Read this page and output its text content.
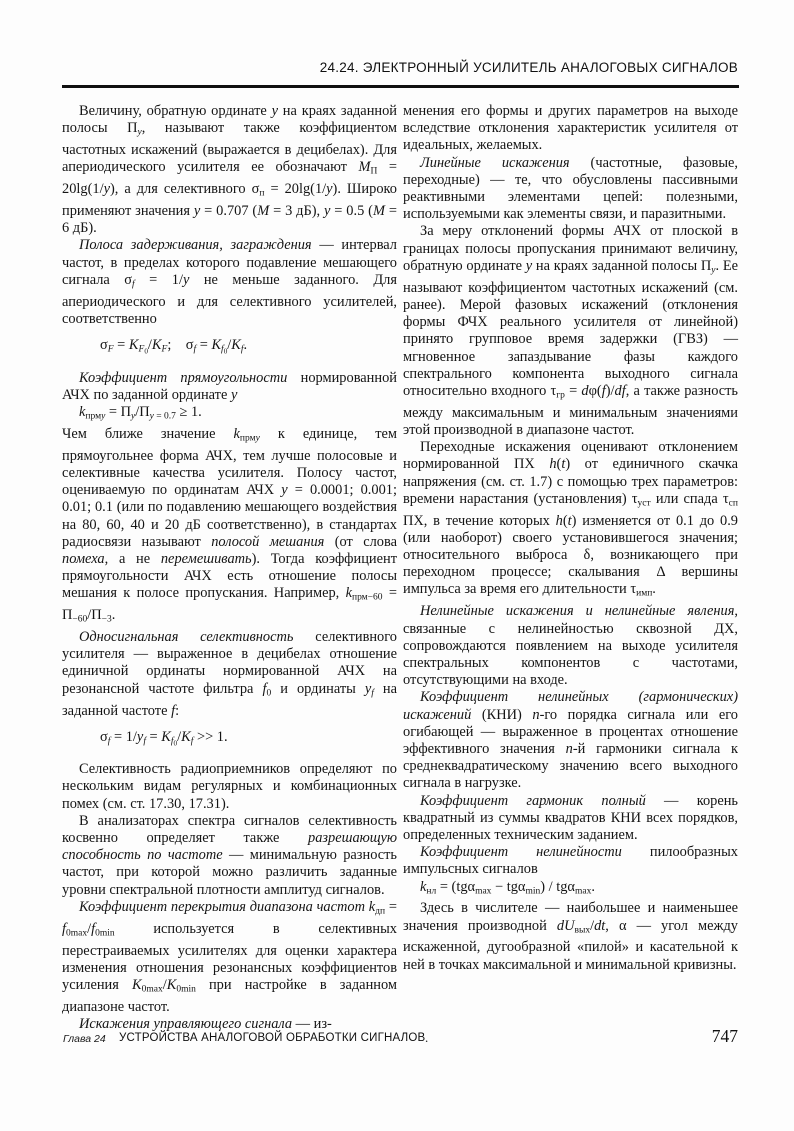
24.24. ЭЛЕКТРОННЫЙ УСИЛИТЕЛЬ АНАЛОГОВЫХ СИГНАЛОВ

Величину, обратную ординате y на краях заданной полосы Пy, называют также коэффициентом частотных искажений (выражается в децибелах). Для апериодического усилителя ее обозначают MП = 20lg(1/y), а для селективного σп = 20lg(1/y). Широко применяют значения y = 0.707 (M = 3 дБ), y = 0.5 (M = 6 дБ).

Полоса задерживания, заграждения — интервал частот, в пределах которого подавление мешающего сигнала σf = 1/y не меньше заданного. Для апериодического и для селективного усилителей, соответственно

$\sigma F = KF_0/KF$; $\sigma f = Kf_0/Kf$.

Коэффициент прямоугольности нормированной АЧХ по заданной ординате y

kпрмy = Пy/Пy = 0.7 ≥ 1.

Чем ближе значение kпрмy к единице, тем прямоугольнее форма АЧХ, тем лучше полосовые и селективные качества усилителя. Полосу частот, оцениваемую по ординатам АЧХ y = 0.0001; 0.001; 0.01; 0.1 (или по подавлению мешающего воздействия на 80, 60, 40 и 20 дБ соответственно), в стандартах радиосвязи называют полосой мешания (от слова помеха, а не перемешивать). Тогда коэффициент прямоугольности АЧХ есть отношение полосы мешания к полосе пропускания. Например, kпрм−60 = П−60/П−3.

Односигнальная селективность селективного усилителя — выраженное в децибелах отношение единичной ординаты нормированной АЧХ на резонансной частоте фильтра f0 и ординаты yf на заданной частоте f:

$\sigma f = 1/yf = Kf_0/Kf >> 1$.

Селективность радиоприемников определяют по нескольким видам регулярных и комбинационных помех (см. ст. 17.30, 17.31).

В анализаторах спектра сигналов селективность косвенно определяет также разрешающую способность по частоте — минимальную разность частот, при которой можно различить заданные уровни спектральной плотности амплитуд сигналов.

Коэффициент перекрытия диапазона частот kдп = f0max/f0min используется в селективных перестраиваемых усилителях для оценки характера изменения отношения резонансных коэффициентов усиления K0max/K0min при настройке в заданном диапазоне частот.

Искажения управляющего сигнала — из-

менения его формы и других параметров на выходе вследствие отклонения характеристик усилителя от идеальных, желаемых.

Линейные искажения (частотные, фазовые, переходные) — те, что обусловлены пассивными реактивными элементами цепей: полезными, используемыми как элементы связи, и паразитными.

За меру отклонений формы АЧХ от плоской в границах полосы пропускания принимают величину, обратную ординате y на краях заданной полосы Пy. Ее называют коэффициентом частотных искажений (см. ранее). Мерой фазовых искажений (отклонения формы ФЧХ реального усилителя от линейной) принято групповое время задержки (ГВЗ) — мгновенное запаздывание фазы каждого спектрального компонента выходного сигнала относительно входного τгр = dφ(f)/df, а также разность между максимальным и минимальным значениями этой производной в диапазоне частот.

Переходные искажения оценивают отклонением нормированной ПХ h(t) от единичного скачка напряжения (см. ст. 1.7) с помощью трех параметров: времени нарастания (установления) τуст или спада τсп ПХ, в течение которых h(t) изменяется от 0.1 до 0.9 (или наоборот) своего установившегося значения; относительного выброса δ, возникающего при переходном процессе; скалывания Δ вершины импульса за время его длительности τимп.

Нелинейные искажения и нелинейные явления, связанные с нелинейностью сквозной ДХ, сопровождаются появлением на выходе усилителя спектральных компонентов с частотами, отсутствующими на входе.

Коэффициент нелинейных (гармонических) искажений (КНИ) n-го порядка сигнала или его огибающей — выраженное в процентах отношение эффективного значения n-й гармоники сигнала к среднеквадратическому значению всего выходного сигнала в нагрузке.

Коэффициент гармоник полный — корень квадратный из суммы квадратов КНИ всех порядков, определенных техническим заданием.

Коэффициент нелинейности пилообразных импульсных сигналов

kнл = (tgαmax − tgαmin) / tgαmax.

Здесь в числителе — наибольшее и наименьшее значения производной dUвых/dt, α — угол между искаженной, дугообразной «пилой» и касательной к ней в точках максимальной и минимальной кривизны.

Глава 24 УСТРОЙСТВА АНАЛОГОВОЙ ОБРАБОТКИ СИГНАЛОВ .	747
